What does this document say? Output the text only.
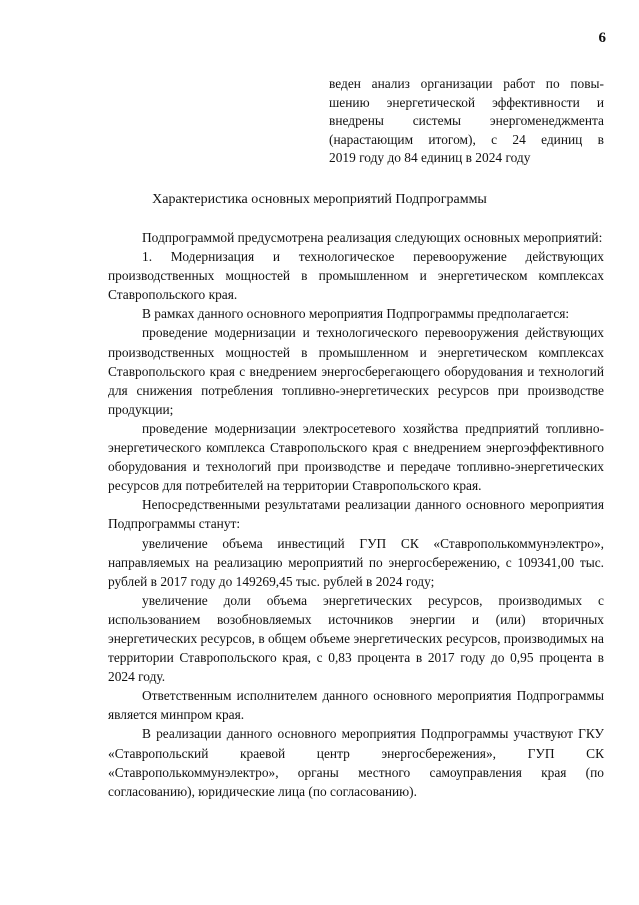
6
веден анализ организации работ по повы-
шению энергетической эффективности и
внедрены системы энергоменеджмента
(нарастающим итогом), с 24 единиц в
2019 году до 84 единиц в 2024 году
Характеристика основных мероприятий Подпрограммы

Подпрограммой предусмотрена реализация следующих основных мероприятий:

1. Модернизация и технологическое перевооружение действующих производственных мощностей в промышленном и энергетическом комплексах Ставропольского края.

В рамках данного основного мероприятия Подпрограммы предполагается:

проведение модернизации и технологического перевооружения действующих производственных мощностей в промышленном и энергетическом комплексах Ставропольского края с внедрением энергосберегающего оборудования и технологий для снижения потребления топливно-энергетических ресурсов при производстве продукции;

проведение модернизации электросетевого хозяйства предприятий топливно-энергетического комплекса Ставропольского края с внедрением энергоэффективного оборудования и технологий при производстве и передаче топливно-энергетических ресурсов для потребителей на территории Ставропольского края.

Непосредственными результатами реализации данного основного мероприятия Подпрограммы станут:

увеличение объема инвестиций ГУП СК «Ставрополькоммунэлектро», направляемых на реализацию мероприятий по энергосбережению, с 109341,00 тыс. рублей в 2017 году до 149269,45 тыс. рублей в 2024 году;

увеличение доли объема энергетических ресурсов, производимых с использованием возобновляемых источников энергии и (или) вторичных энергетических ресурсов, в общем объеме энергетических ресурсов, производимых на территории Ставропольского края, с 0,83 процента в 2017 году до 0,95 процента в 2024 году.

Ответственным исполнителем данного основного мероприятия Подпрограммы является минпром края.

В реализации данного основного мероприятия Подпрограммы участвуют ГКУ «Ставропольский краевой центр энергосбережения», ГУП СК «Ставрополькоммунэлектро», органы местного самоуправления края (по согласованию), юридические лица (по согласованию).
